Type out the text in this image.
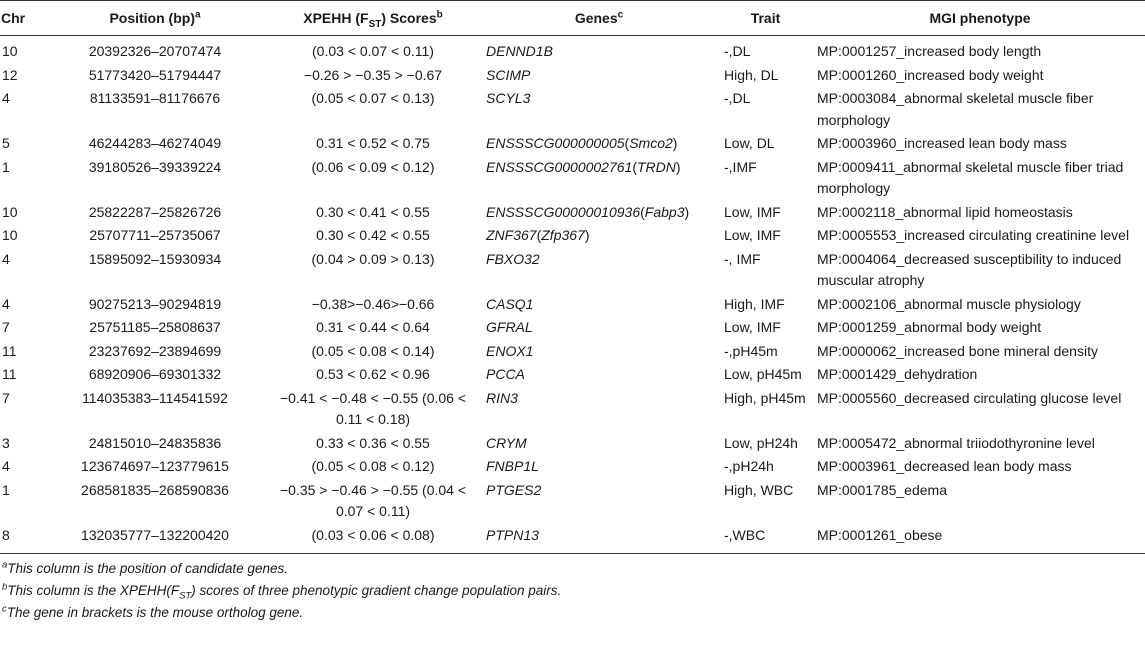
Chr	Position (bp)$^a$	XPEHH $(F_{ST})$ Scores$^b$	Genes$^c$	Trait	MGI phenotype
10	20392326–20707474	(0.03 < 0.07 < 0.11)	DENND1B	-,DL	MP:0001257_increased body length
12	51773420–51794447	−0.26 > −0.35 > −0.67	SCIMP	High, DL	MP:0001260_increased body weight
4	81133591–81176676	(0.05 < 0.07 < 0.13)	SCYL3	-,DL	MP:0003084_abnormal skeletal muscle fiber morphology
5	46244283–46274049	0.31 < 0.52 < 0.75	ENSSSCG000000005(Smco2)	Low, DL	MP:0003960_increased lean body mass
1	39180526–39339224	(0.06 < 0.09 < 0.12)	ENSSSCG0000002761(TRDN)	-,IMF	MP:0009411_abnormal skeletal muscle fiber triad morphology
10	25822287–25826726	0.30 < 0.41 < 0.55	ENSSSCG00000010936(Fabp3)	Low, IMF	MP:0002118_abnormal lipid homeostasis
10	25707711–25735067	0.30 < 0.42 < 0.55	ZNF367(Zfp367)	Low, IMF	MP:0005553_increased circulating creatinine level
4	15895092–15930934	(0.04 > 0.09 > 0.13)	FBXO32	-, IMF	MP:0004064_decreased susceptibility to induced muscular atrophy
4	90275213–90294819	−0.38>−0.46>−0.66	CASQ1	High, IMF	MP:0002106_abnormal muscle physiology
7	25751185–25808637	0.31 < 0.44 < 0.64	GFRAL	Low, IMF	MP:0001259_abnormal body weight
11	23237692–23894699	(0.05 < 0.08 < 0.14)	ENOX1	-,pH45m	MP:0000062_increased bone mineral density
11	68920906–69301332	0.53 < 0.62 < 0.96	PCCA	Low, pH45m	MP:0001429_dehydration
7	114035383–114541592	−0.41 < −0.48 < −0.55 (0.06 < 0.11 < 0.18)	RIN3	High, pH45m	MP:0005560_decreased circulating glucose level
3	24815010–24835836	0.33 < 0.36 < 0.55	CRYM	Low, pH24h	MP:0005472_abnormal triiodothyronine level
4	123674697–123779615	(0.05 < 0.08 < 0.12)	FNBP1L	-,pH24h	MP:0003961_decreased lean body mass
1	268581835–268590836	−0.35 > −0.46 > −0.55 (0.04 < 0.07 < 0.11)	PTGES2	High, WBC	MP:0001785_edema
8	132035777–132200420	(0.03 < 0.06 < 0.08)	PTPN13	-,WBC	MP:0001261_obese
$^a$This column is the position of candidate genes.
$^b$This column is the $XPEHH(F_{ST})$ scores of three phenotypic gradient change population pairs.
$^c$The gene in brackets is the mouse ortholog gene.
